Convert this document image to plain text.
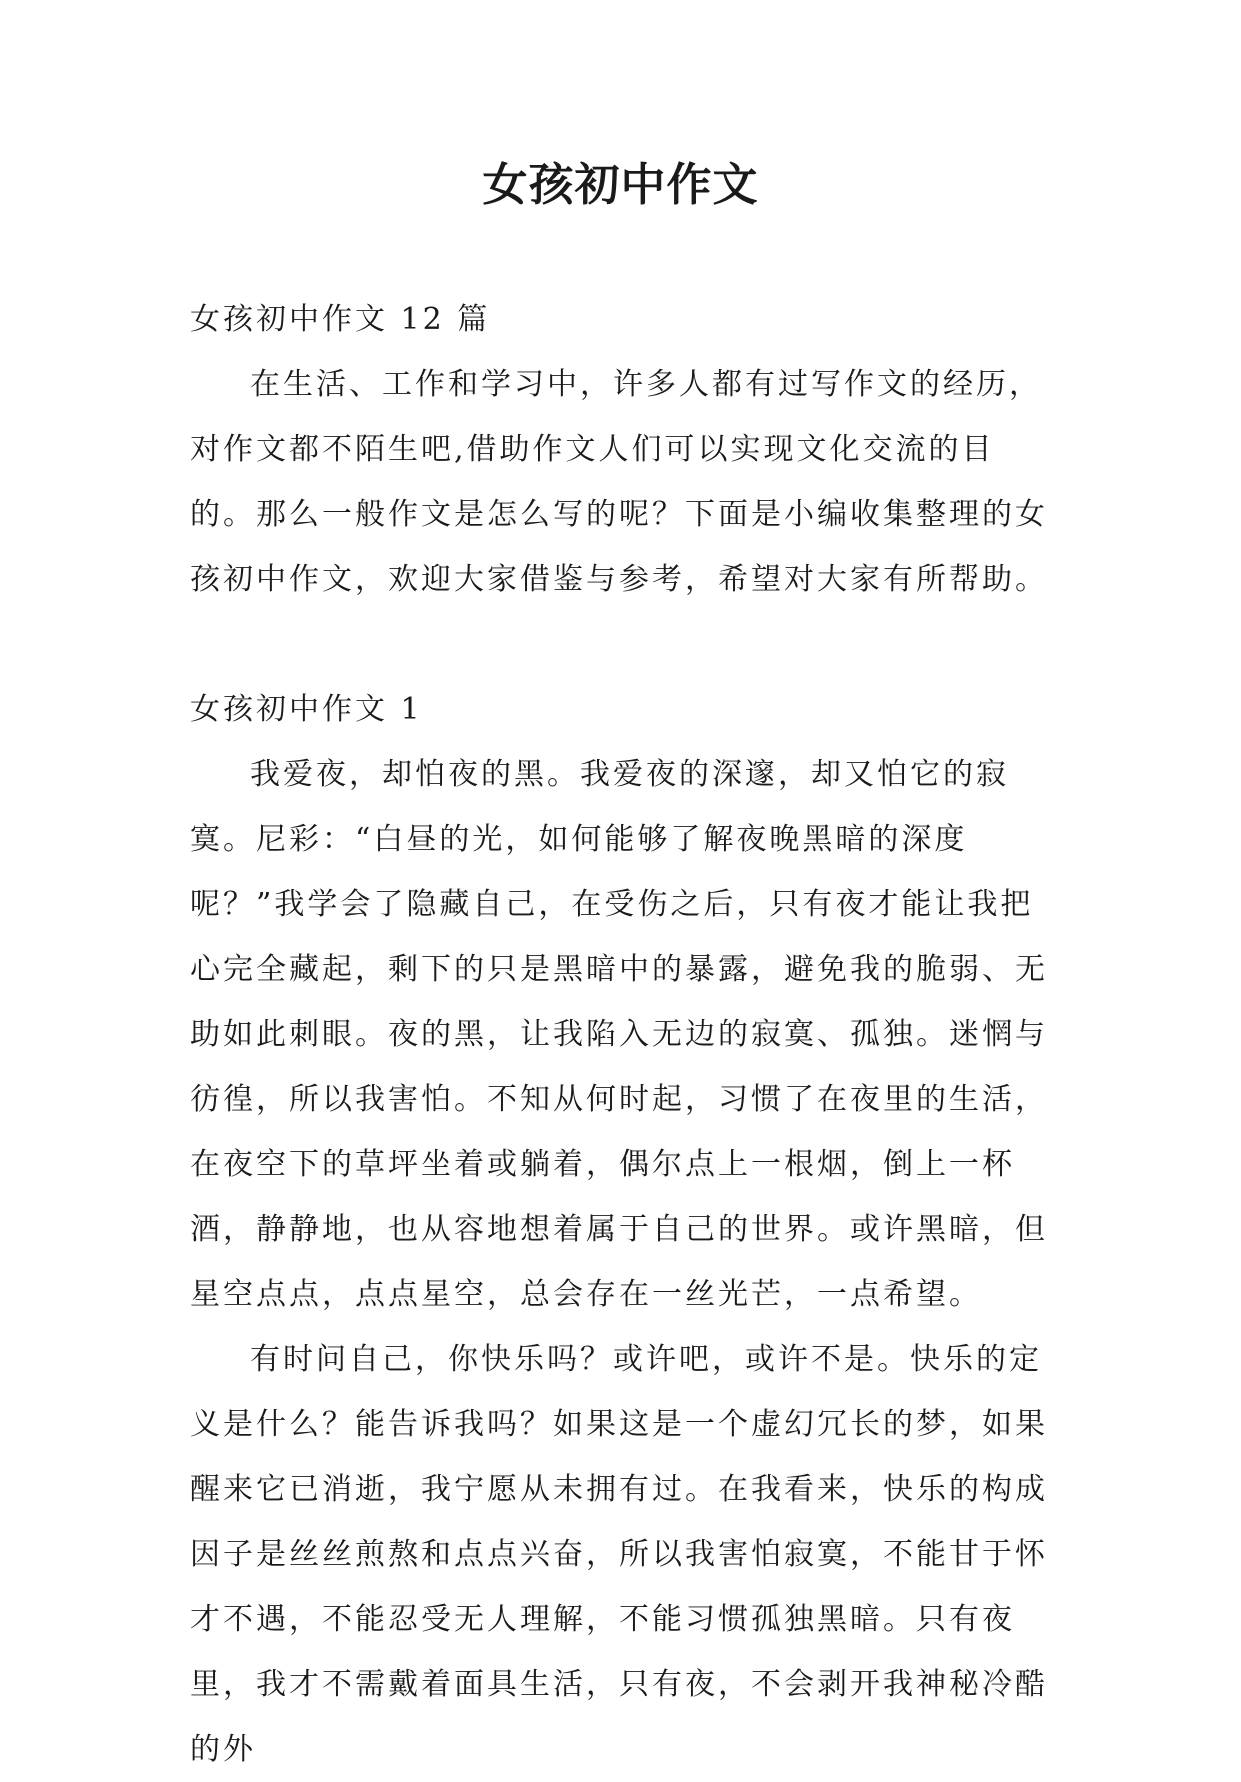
女孩初中作文

女孩初中作文 12 篇

在生活、工作和学习中，许多人都有过写作文的经历，对作文都不陌生吧,借助作文人们可以实现文化交流的目的。那么一般作文是怎么写的呢？下面是小编收集整理的女孩初中作文，欢迎大家借鉴与参考，希望对大家有所帮助。

女孩初中作文 1

我爱夜，却怕夜的黑。我爱夜的深邃，却又怕它的寂寞。尼彩：“白昼的光，如何能够了解夜晚黑暗的深度呢？”我学会了隐藏自己，在受伤之后，只有夜才能让我把心完全藏起，剩下的只是黑暗中的暴露，避免我的脆弱、无助如此刺眼。夜的黑，让我陷入无边的寂寞、孤独。迷惘与彷徨，所以我害怕。不知从何时起，习惯了在夜里的生活，在夜空下的草坪坐着或躺着，偶尔点上一根烟，倒上一杯酒，静静地，也从容地想着属于自己的世界。或许黑暗，但星空点点，点点星空，总会存在一丝光芒，一点希望。

有时问自己，你快乐吗？或许吧，或许不是。快乐的定义是什么？能告诉我吗？如果这是一个虚幻冗长的梦，如果醒来它已消逝，我宁愿从未拥有过。在我看来，快乐的构成因子是丝丝煎熬和点点兴奋，所以我害怕寂寞，不能甘于怀才不遇，不能忍受无人理解，不能习惯孤独黑暗。只有夜里，我才不需戴着面具生活，只有夜，不会剥开我神秘冷酷的外
